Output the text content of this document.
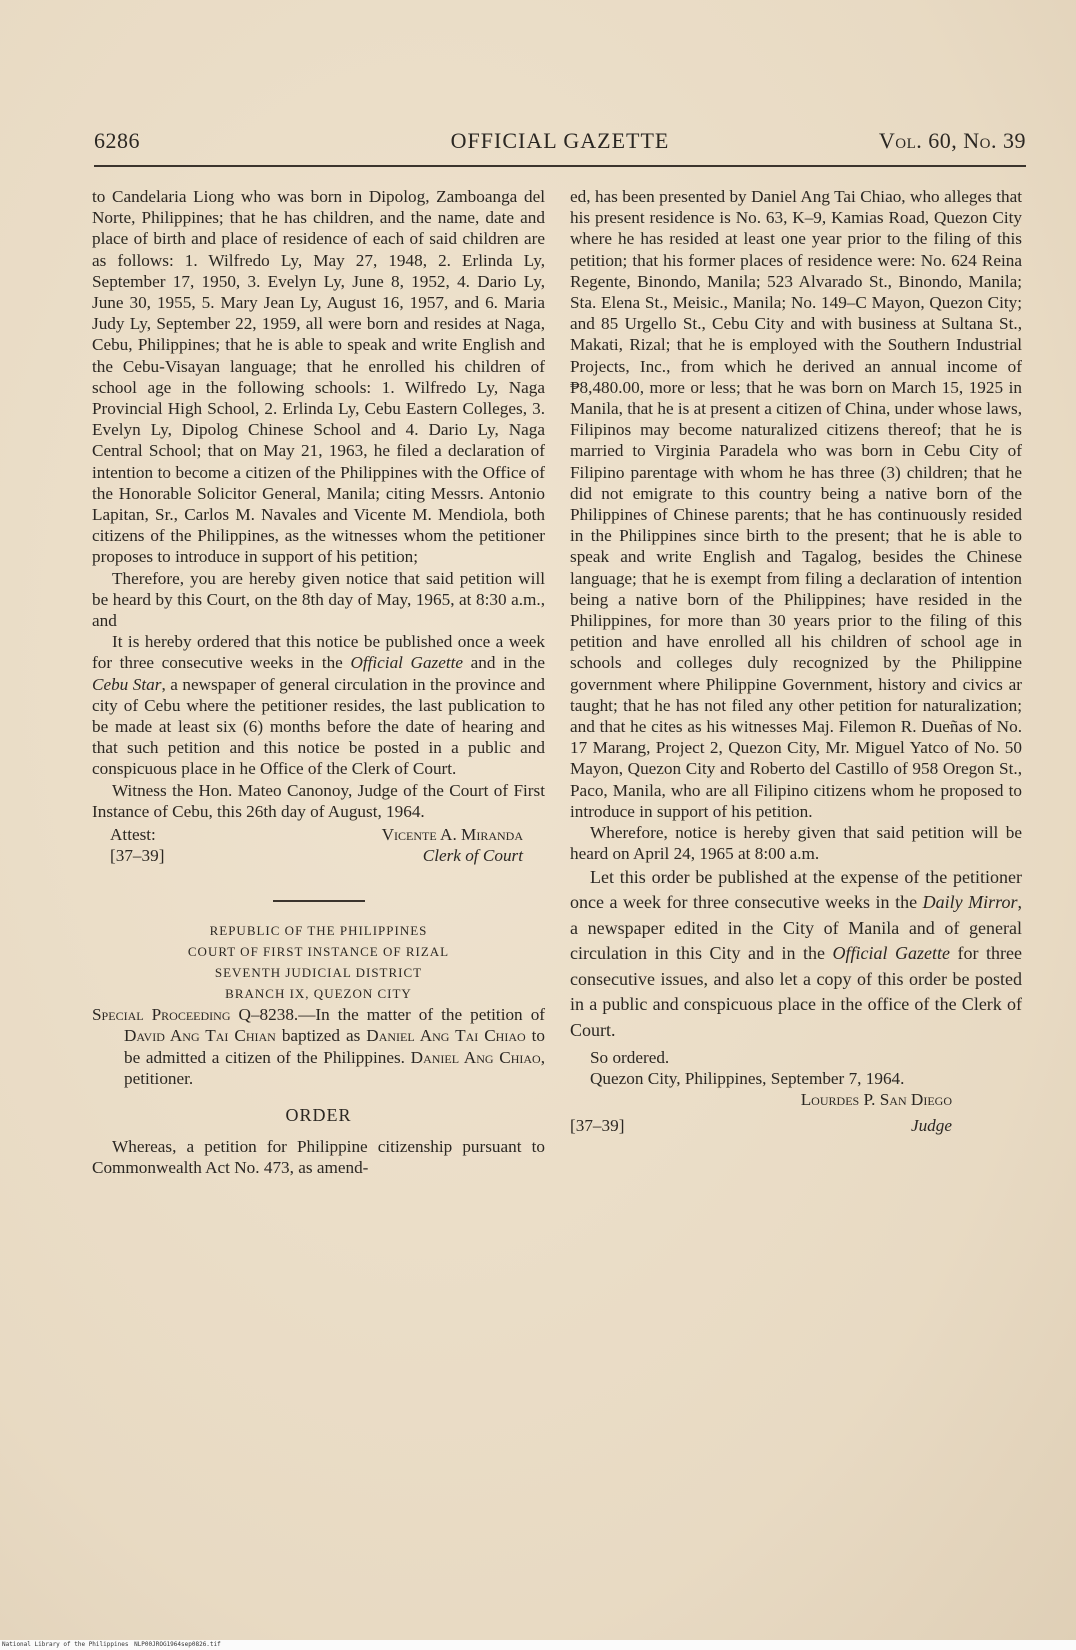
6286	OFFICIAL GAZETTE	Vol. 60, No. 39

to Candelaria Liong who was born in Dipolog, Zamboanga del Norte, Philippines; that he has children, and the name, date and place of birth and place of residence of each of said children are as follows: 1. Wilfredo Ly, May 27, 1948, 2. Erlinda Ly, September 17, 1950, 3. Evelyn Ly, June 8, 1952, 4. Dario Ly, June 30, 1955, 5. Mary Jean Ly, August 16, 1957, and 6. Maria Judy Ly, September 22, 1959, all were born and resides at Naga, Cebu, Philippines; that he is able to speak and write English and the Cebu-Visayan language; that he enrolled his children of school age in the following schools: 1. Wilfredo Ly, Naga Provincial High School, 2. Erlinda Ly, Cebu Eastern Colleges, 3. Evelyn Ly, Dipolog Chinese School and 4. Dario Ly, Naga Central School; that on May 21, 1963, he filed a declaration of intention to become a citizen of the Philippines with the Office of the Honorable Solicitor General, Manila; citing Messrs. Antonio Lapitan, Sr., Carlos M. Navales and Vicente M. Mendiola, both citizens of the Philippines, as the witnesses whom the petitioner proposes to introduce in support of his petition;

Therefore, you are hereby given notice that said petition will be heard by this Court, on the 8th day of May, 1965, at 8:30 a.m., and

It is hereby ordered that this notice be published once a week for three consecutive weeks in the Official Gazette and in the Cebu Star, a newspaper of general circulation in the province and city of Cebu where the petitioner resides, the last publication to be made at least six (6) months before the date of hearing and that such petition and this notice be posted in a public and conspicuous place in he Office of the Clerk of Court.

Witness the Hon. Mateo Canonoy, Judge of the Court of First Instance of Cebu, this 26th day of August, 1964.

Attest:
[37–39]
Vicente A. Miranda
Clerk of Court
REPUBLIC OF THE PHILIPPINES
COURT OF FIRST INSTANCE OF RIZAL
SEVENTH JUDICIAL DISTRICT
BRANCH IX, QUEZON CITY

Special Proceeding Q–8238.—In the matter of the petition of David Ang Tai Chian baptized as Daniel Ang Tai Chiao to be admitted a citizen of the Philippines. Daniel Ang Chiao, petitioner.

ORDER

Whereas, a petition for Philippine citizenship pursuant to Commonwealth Act No. 473, as amend-

ed, has been presented by Daniel Ang Tai Chiao, who alleges that his present residence is No. 63, K–9, Kamias Road, Quezon City where he has resided at least one year prior to the filing of this petition; that his former places of residence were: No. 624 Reina Regente, Binondo, Manila; 523 Alvarado St., Binondo, Manila; Sta. Elena St., Meisic., Manila; No. 149–C Mayon, Quezon City; and 85 Urgello St., Cebu City and with business at Sultana St., Makati, Rizal; that he is employed with the Southern Industrial Projects, Inc., from which he derived an annual income of ₱8,480.00, more or less; that he was born on March 15, 1925 in Manila, that he is at present a citizen of China, under whose laws, Filipinos may become naturalized citizens thereof; that he is married to Virginia Paradela who was born in Cebu City of Filipino parentage with whom he has three (3) children; that he did not emigrate to this country being a native born of the Philippines of Chinese parents; that he has continuously resided in the Philippines since birth to the present; that he is able to speak and write English and Tagalog, besides the Chinese language; that he is exempt from filing a declaration of intention being a native born of the Philippines; have resided in the Philippines, for more than 30 years prior to the filing of this petition and have enrolled all his children of school age in schools and colleges duly recognized by the Philippine government where Philippine Government, history and civics ar taught; that he has not filed any other petition for naturalization; and that he cites as his witnesses Maj. Filemon R. Dueñas of No. 17 Marang, Project 2, Quezon City, Mr. Miguel Yatco of No. 50 Mayon, Quezon City and Roberto del Castillo of 958 Oregon St., Paco, Manila, who are all Filipino citizens whom he proposed to introduce in support of his petition.

Wherefore, notice is hereby given that said petition will be heard on April 24, 1965 at 8:00 a.m.

Let this order be published at the expense of the petitioner once a week for three consecutive weeks in the Daily Mirror, a newspaper edited in the City of Manila and of general circulation in this City and in the Official Gazette for three consecutive issues, and also let a copy of this order be posted in a public and conspicuous place in the office of the Clerk of Court.

So ordered.

Quezon City, Philippines, September 7, 1964.

Lourdes P. San Diego
[37–39]	Judge
National Library of the Philippines NLP00JROG1964sep0826.tif
